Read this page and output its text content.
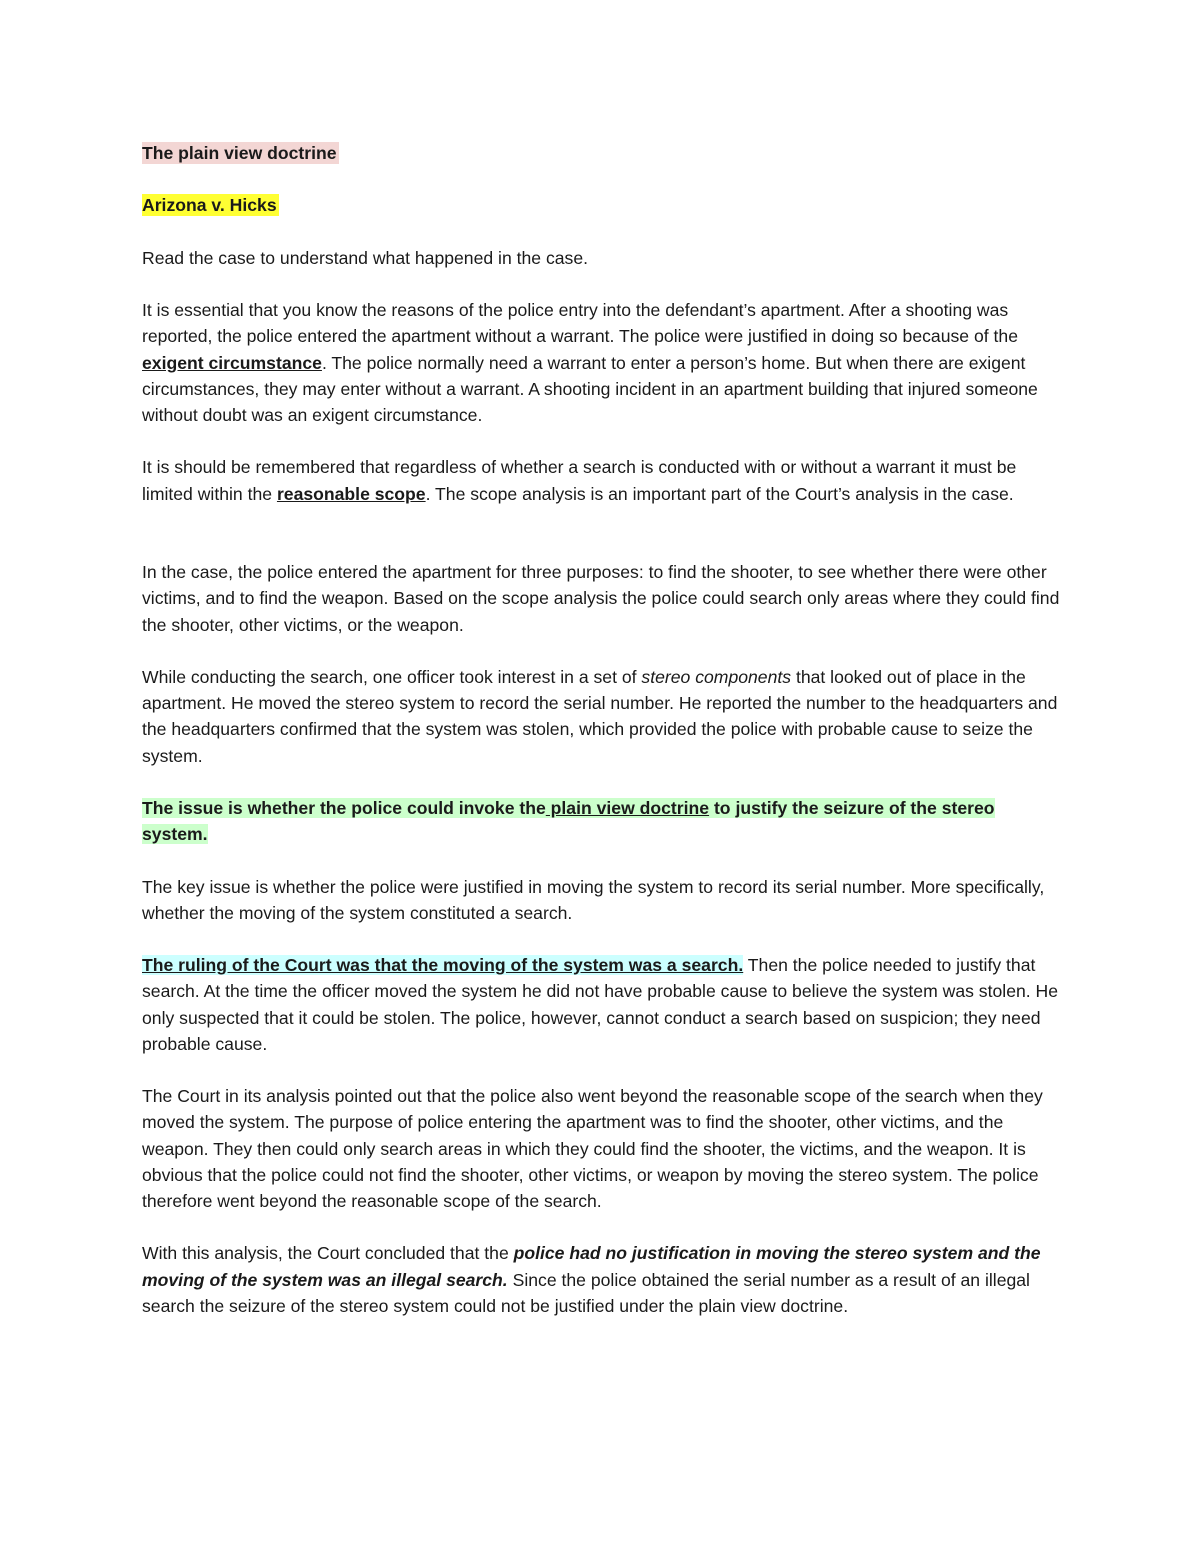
The plain view doctrine

Arizona v. Hicks

Read the case to understand what happened in the case.

It is essential that you know the reasons of the police entry into the defendant’s apartment. After a shooting was reported, the police entered the apartment without a warrant. The police were justified in doing so because of the exigent circumstance. The police normally need a warrant to enter a person’s home. But when there are exigent circumstances, they may enter without a warrant. A shooting incident in an apartment building that injured someone without doubt was an exigent circumstance.

It is should be remembered that regardless of whether a search is conducted with or without a warrant it must be limited within the reasonable scope. The scope analysis is an important part of the Court’s analysis in the case.

In the case, the police entered the apartment for three purposes: to find the shooter, to see whether there were other victims, and to find the weapon. Based on the scope analysis the police could search only areas where they could find the shooter, other victims, or the weapon.

While conducting the search, one officer took interest in a set of stereo components that looked out of place in the apartment. He moved the stereo system to record the serial number. He reported the number to the headquarters and the headquarters confirmed that the system was stolen, which provided the police with probable cause to seize the system.

The issue is whether the police could invoke the plain view doctrine to justify the seizure of the stereo system.

The key issue is whether the police were justified in moving the system to record its serial number. More specifically, whether the moving of the system constituted a search.

The ruling of the Court was that the moving of the system was a search. Then the police needed to justify that search. At the time the officer moved the system he did not have probable cause to believe the system was stolen. He only suspected that it could be stolen. The police, however, cannot conduct a search based on suspicion; they need probable cause.

The Court in its analysis pointed out that the police also went beyond the reasonable scope of the search when they moved the system. The purpose of police entering the apartment was to find the shooter, other victims, and the weapon. They then could only search areas in which they could find the shooter, the victims, and the weapon. It is obvious that the police could not find the shooter, other victims, or weapon by moving the stereo system. The police therefore went beyond the reasonable scope of the search.

With this analysis, the Court concluded that the police had no justification in moving the stereo system and the moving of the system was an illegal search. Since the police obtained the serial number as a result of an illegal search the seizure of the stereo system could not be justified under the plain view doctrine.
